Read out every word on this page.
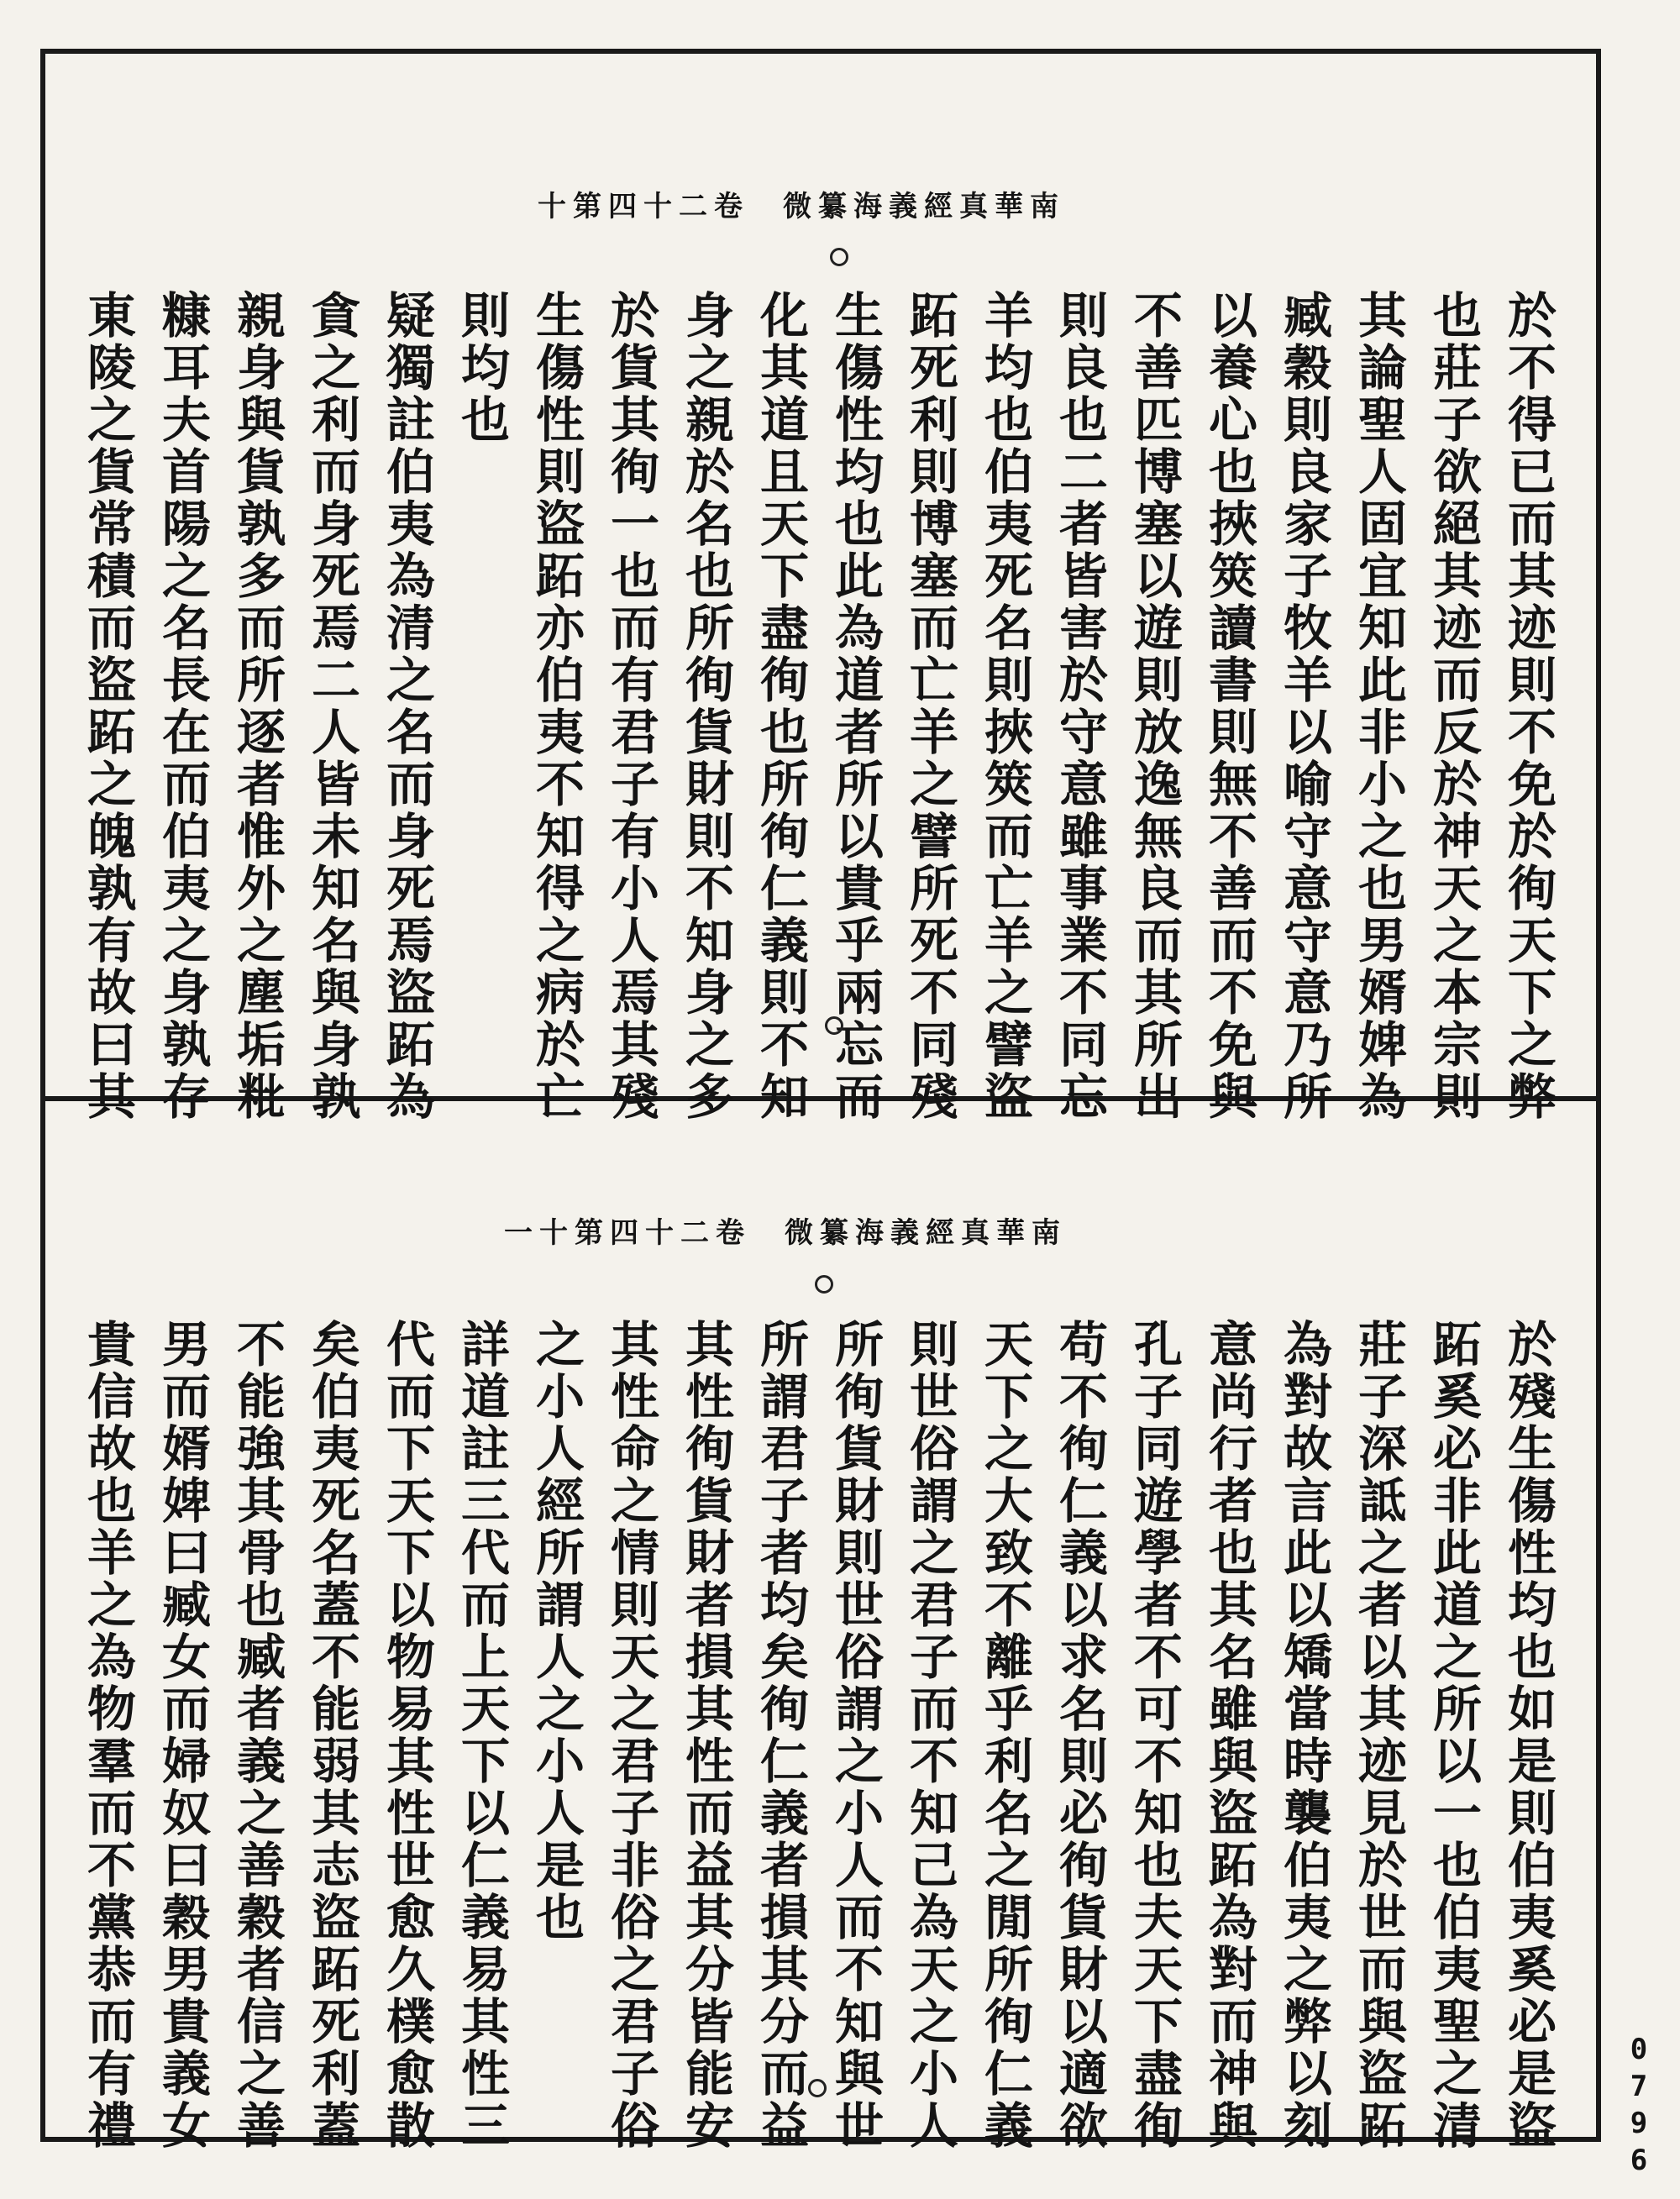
南華真經義海纂微卷二十四第十
於不得已而其迹則不免於徇天下之弊
也莊子欲絕其迹而反於神天之本宗則
其論聖人固宜知此非小之也男婿婢為
臧穀則良家子牧羊以喻守意守意乃所
以養心也挾筴讀書則無不善而不免與
不善匹博塞以遊則放逸無良而其所出
則良也二者皆害於守意雖事業不同忘
羊均也伯夷死名則挾筴而亡羊之譬盜
跖死利則博塞而亡羊之譬所死不同殘
生傷性均也此為道者所以貴乎兩忘而
化其道且天下盡徇也所徇仁義則不知
身之親於名也所徇貨財則不知身之多
於貨其徇一也而有君子有小人焉其殘
生傷性則盜跖亦伯夷不知得之病於亡
則均也
疑獨註伯夷為清之名而身死焉盜跖為
貪之利而身死焉二人皆未知名與身孰
親身與貨孰多而所逐者惟外之塵垢粃
糠耳夫首陽之名長在而伯夷之身孰存
東陵之貨常積而盜跖之魄孰有故曰其
南華真經義海纂微卷二十四第十一
於殘生傷性均也如是則伯夷奚必是盜
跖奚必非此道之所以一也伯夷聖之清
莊子深詆之者以其迹見於世而與盜跖
為對故言此以矯當時襲伯夷之弊以刻
意尚行者也其名雖與盜跖為對而神與
孔子同遊學者不可不知也夫天下盡徇
苟不徇仁義以求名則必徇貨財以適欲
天下之大致不離乎利名之閒所徇仁義
則世俗謂之君子而不知己為天之小人
所徇貨財則世俗謂之小人而不知與世
所謂君子者均矣徇仁義者損其分而益
其性徇貨財者損其性而益其分皆能安
其性命之情則天之君子非俗之君子俗
之小人經所謂人之小人是也
詳道註三代而上天下以仁義易其性三
代而下天下以物易其性世愈久樸愈散
矣伯夷死名蓋不能弱其志盜跖死利蓋
不能強其骨也臧者義之善穀者信之善
男而婿婢曰臧女而婦奴曰穀男貴義女
貴信故也羊之為物羣而不黨恭而有禮	0796
